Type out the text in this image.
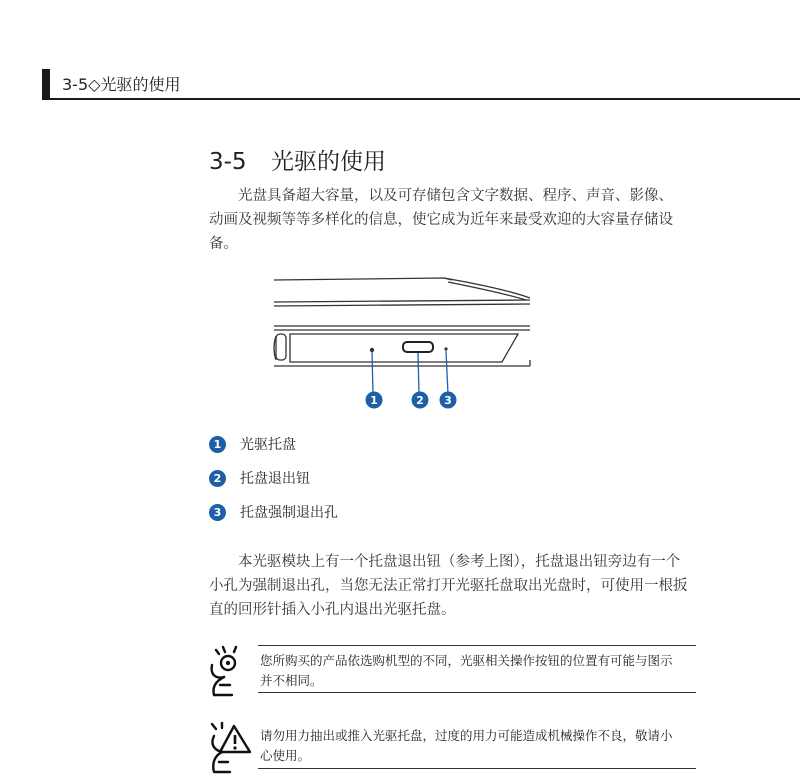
3-5◇光驱的使用
3-5 光驱的使用
光盘具备超大容量，以及可存储包含文字数据、程序、声音、影像、
动画及视频等等多样化的信息，使它成为近年来最受欢迎的大容量存储设
备。
1	2 3
1	光驱托盘
2	托盘退出钮
3	托盘强制退出孔
本光驱模块上有一个托盘退出钮（参考上图），托盘退出钮旁边有一个
小孔为强制退出孔，当您无法正常打开光驱托盘取出光盘时，可使用一根扳
直的回形针插入小孔内退出光驱托盘。
您所购买的产品依选购机型的不同，光驱相关操作按钮的位置有可能与图示
并不相同。
请勿用力抽出或推入光驱托盘，过度的用力可能造成机械操作不良，敬请小
心使用。
